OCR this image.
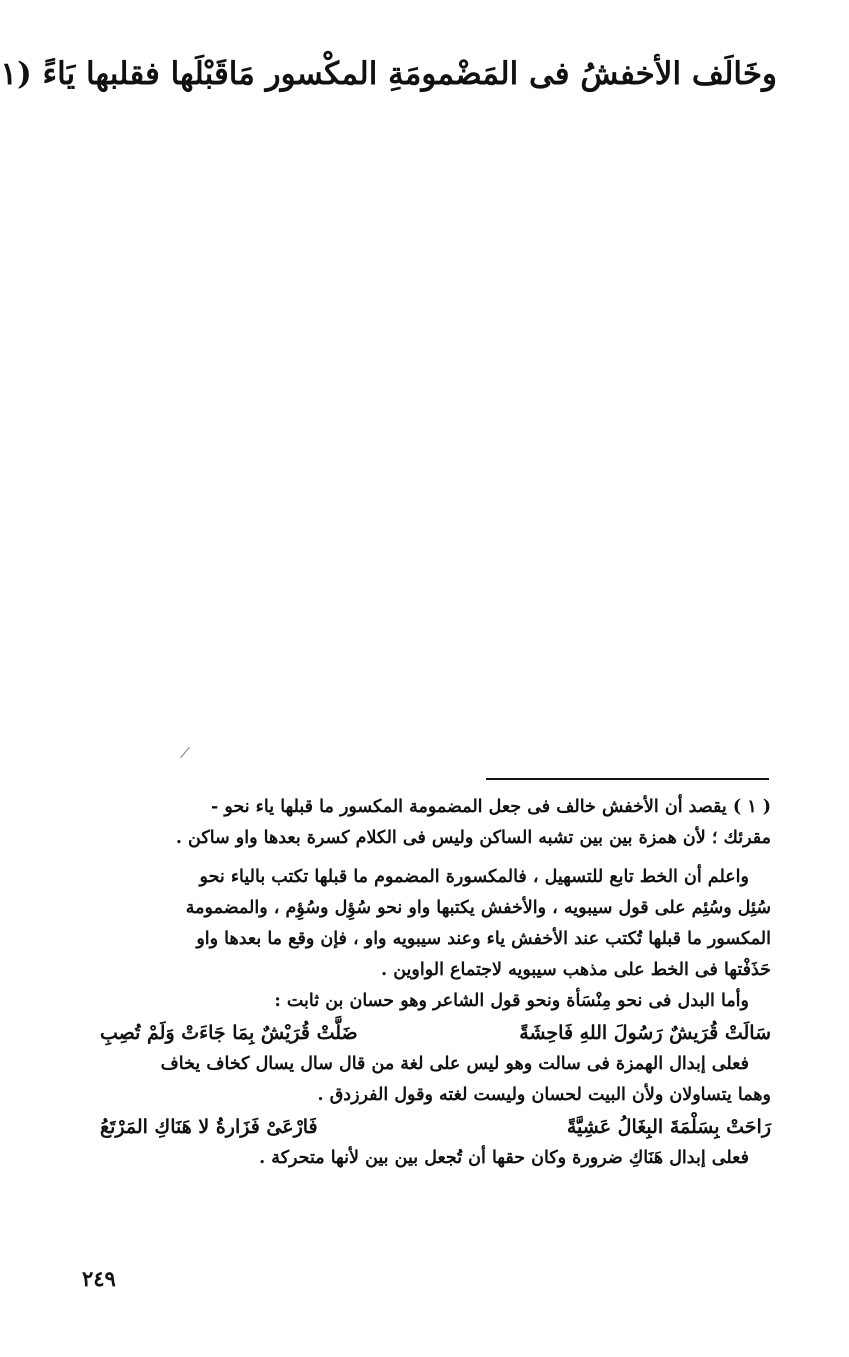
وخَالَف الأخفشُ فى المَضْمومَةِ المكْسور مَاقَبْلَها فقلبها يَاءً (١
( ١ ) يقصد أن الأخفش خالف فى جعل المضمومة المكسور ما قبلها ياء نحو -
مقرئك ؛ لأن همزة بين بين تشبه الساكن وليس فى الكلام كسرة بعدها واو ساكن .
واعلم أن الخط تابع للتسهيل ، فالمكسورة المضموم ما قبلها تكتب بالياء نحو
سُئِل وسُئِم على قول سيبويه ، والأخفش يكتبها واو نحو سُؤِل وسُؤِم ، والمضمومة
المكسور ما قبلها تُكتب عند الأخفش ياء وعند سيبويه واو ، فإن وقع ما بعدها واو
حَذَفْتها فى الخط على مذهب سيبويه لاجتماع الواوين .
وأما البدل فى نحو مِنْسَأة ونحو قول الشاعر وهو حسان بن ثابت :
سَالَتْ قُرَيشٌ رَسُولَ اللهِ فَاحِشَةً
ضَلَّتْ قُرَيْشٌ بِمَا جَاءَتْ وَلَمْ تُصِبِ
فعلى إبدال الهمزة فى سالت وهو ليس على لغة من قال سال يسال كخاف يخاف
وهما يتساولان ولأن البيت لحسان وليست لغته وقول الفرزدق .
رَاحَتْ بِسَلْمَةَ البِغَالُ عَشِيَّةً
فَارْعَىْ فَزَارةُ لا هَنَاكِ المَرْتَعُ
فعلى إبدال هَنَاكِ ضرورة وكان حقها أن تُجعل بين بين لأنها متحركة .
٢٤٩
